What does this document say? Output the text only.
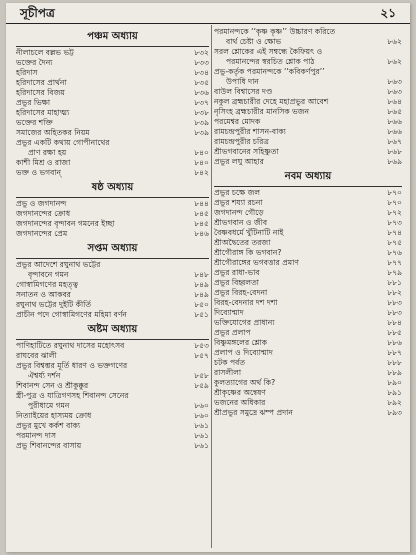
সূচীপত্র	২১
পঞ্চম অধ্যায়
নীলাচলে বল্লভ ভট্ট	৮৩২
ভক্তের দৈন্য	৮৩৩
হরিদাস	৮৩৪
হরিদাসের প্রার্থনা	৮৩৫
হরিদাসের বিজয়	৮৩৬
প্রভুর ভিক্ষা	৮৩৭
হরিদাসের মাহাত্ম্য	৮৩৮
ভক্তের শক্তি	৮৩৯
সমাজের অহিতকর নিয়ম	৮৩৯
প্রভুর একটি কথায় গোপীনাথের
প্রাণ রক্ষা হয়	৮৪০
কাশী মিশ্র ও রাজা	৮৪০
ভক্ত ও ভগবান্	৮৪২
ষষ্ঠ অধ্যায়
প্রভু ও জগদানন্দ	৮৪৪
জগদানন্দের ক্রোধ	৮৪৫
জগদানন্দের বৃন্দাবন গমনের ইচ্ছা	৮৪৫
জগদানন্দের প্রেম	৮৪৬
সপ্তম অধ্যায়
প্রভুর আদেশে রঘুনাথ ভট্টের
বৃন্দাবনে গমন	৮৪৮
গোস্বামিগণের মহত্ত্ব	৮৪৯
সনাতন ও আকবর	৮৪৯
রঘুনাথ ভট্টের দুইটি কীর্তি	৮৫০
প্রাচীন পদে গোস্বামিগণের মহিমা বর্ণন	৮৫১
অষ্টম অধ্যায়
পাণিহাটিতে রঘুনাথ দাসের মহোৎসব	৮৫৩
রাঘবের ঝালী	৮৫৭
প্রভুর বিশ্বম্ভর মূর্তি ধারণ ও ভক্তগণের
ঐশ্বর্য্য দর্শন	৮৫৮
শিবানন্দ সেন ও শ্রীকুক্কুর	৮৫৯
স্ত্রী-পুত্র ও যাত্রিগণসহ শিবানন্দ সেনের
পুরীধামে গমন	৮৬০
নিত্যাইয়ের হাস্যময় ক্রোধ	৮৬০
প্রভুর মুখে কর্কশ বাক্য	৮৬১
পরমানন্দ দাস	৮৬১
প্রভু শিবানন্দের বাসায়	৮৬১
পরমানন্দকে ‘‘কৃষ্ণ কৃষ্ণ’’ উচ্চারণ করিতে
বার্থ চেষ্টা ও ক্ষোভ	৮৬২
সরল শ্লোকের এই সম্বন্ধে কৈফিয়ৎ ও
পরমানন্দের স্বরচিত শ্লোক পাঠ	৮৬২
প্রভু-কর্তৃক পরমানন্দকে ‘‘কবিকর্ণপুর’’
উপাধি দান	৮৬৩
বাউল বিশ্বাসের দণ্ড	৮৬৩
নকুল ব্রহ্মচারীর দেহে মহাপ্রভুর আবেশ	৮৬৪
নৃসিংহ ব্রহ্মচারীর মানসিক ভজন	৮৬৫
পরমেশ্বর মোদক	৮৬৬
রামচন্দ্রপুরীর শাসন-বাক্য	৮৬৬
রামচন্দ্রপুরীর চরিত্র	৮৬৭
শ্রীভগবানের সহিষ্ণুতা	৮৬৮
প্রভুর লঘু আহার	৮৬৯
নবম অধ্যায়
প্রভুর চক্ষে জল	৮৭০
প্রভুর শয্যা রচনা	৮৭০
জগদানন্দ গৌড়ে	৮৭২
শ্রীভগবান ও জীব	৮৭৩
বৈষ্ণবধর্মে খুঁটিনাটি নাই	৮৭৪
শ্রীঅদ্বৈতের তরজা	৮৭৫
শ্রীগৌরাঙ্গ কি ভগবান?	৮৭৬
শ্রীগৌরাঙ্গের ভগবত্তার প্রমাণ	৮৭৭
প্রভুর রাধা-ভাব	৮৭৯
প্রভুর বিহ্বলতা	৮৮১
প্রভুর বিরহ-বেদনা	৮৮২
বিরহ-বেদনার দশ দশা	৮৮৩
দিব্যোন্মাদ	৮৮৩
ভক্তিযোগের প্রাধান্য	৮৮৪
প্রভুর প্রলাপ	৮৮৫
বিষ্ণুমঙ্গলের শ্লোক	৮৮৬
প্রলাপ ও দিব্যোন্মাদ	৮৮৭
চটক পর্বত	৮৮৮
রাসলীলা	৮৮৯
কুলত্যাগের অর্থ কি?	৮৯০
শ্রীকৃষ্ণের অন্বেষণ	৮৯১
ভজনের অধিকার	৮৯২
শ্রীপ্রভুর সমুদ্রে ঝম্প প্রদান	৮৯৩
